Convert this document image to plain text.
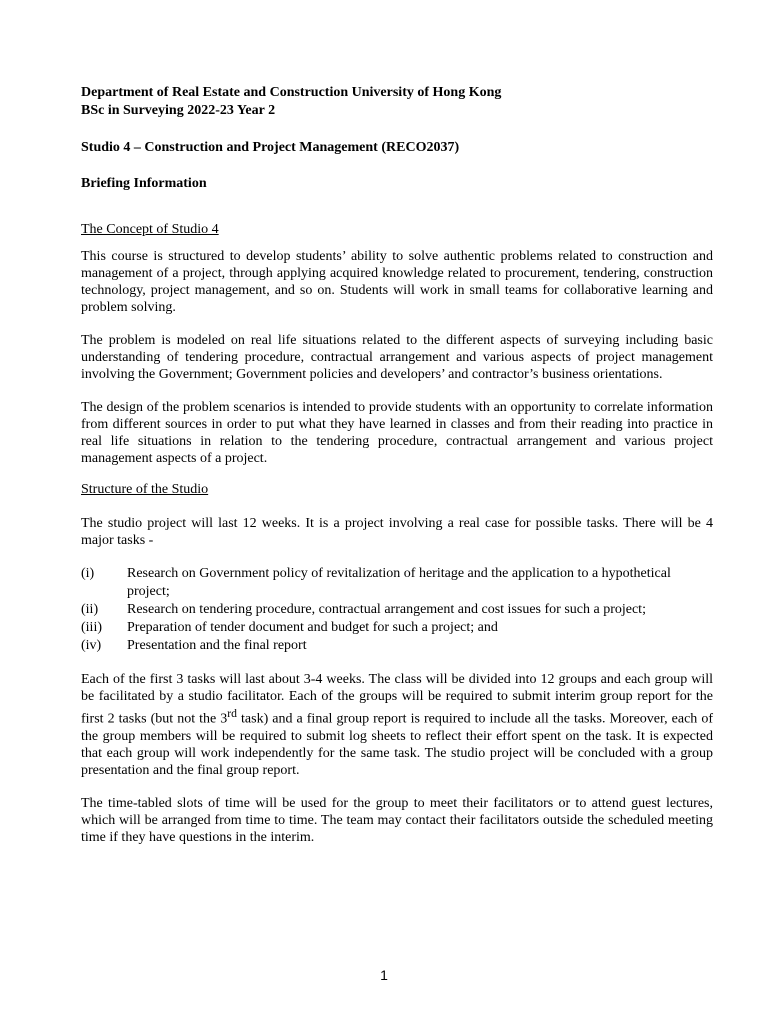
Department of Real Estate and Construction University of Hong Kong
BSc in Surveying 2022-23 Year 2
Studio 4 – Construction and Project Management (RECO2037)
Briefing Information
The Concept of Studio 4

This course is structured to develop students’ ability to solve authentic problems related to construction and management of a project, through applying acquired knowledge related to procurement, tendering, construction technology, project management, and so on. Students will work in small teams for collaborative learning and problem solving.

The problem is modeled on real life situations related to the different aspects of surveying including basic understanding of tendering procedure, contractual arrangement and various aspects of project management involving the Government; Government policies and developers’ and contractor’s business orientations.

The design of the problem scenarios is intended to provide students with an opportunity to correlate information from different sources in order to put what they have learned in classes and from their reading into practice in real life situations in relation to the tendering procedure, contractual arrangement and various project management aspects of a project.

Structure of the Studio

The studio project will last 12 weeks. It is a project involving a real case for possible tasks. There will be 4 major tasks -

(i)	Research on Government policy of revitalization of heritage and the application to a hypothetical project;
(ii)	Research on tendering procedure, contractual arrangement and cost issues for such a project;
(iii)	Preparation of tender document and budget for such a project; and
(iv)	Presentation and the final report

Each of the first 3 tasks will last about 3-4 weeks. The class will be divided into 12 groups and each group will be facilitated by a studio facilitator. Each of the groups will be required to submit interim group report for the first 2 tasks (but not the 3rd task) and a final group report is required to include all the tasks. Moreover, each of the group members will be required to submit log sheets to reflect their effort spent on the task. It is expected that each group will work independently for the same task. The studio project will be concluded with a group presentation and the final group report.

The time-tabled slots of time will be used for the group to meet their facilitators or to attend guest lectures, which will be arranged from time to time. The team may contact their facilitators outside the scheduled meeting time if they have questions in the interim.

1
